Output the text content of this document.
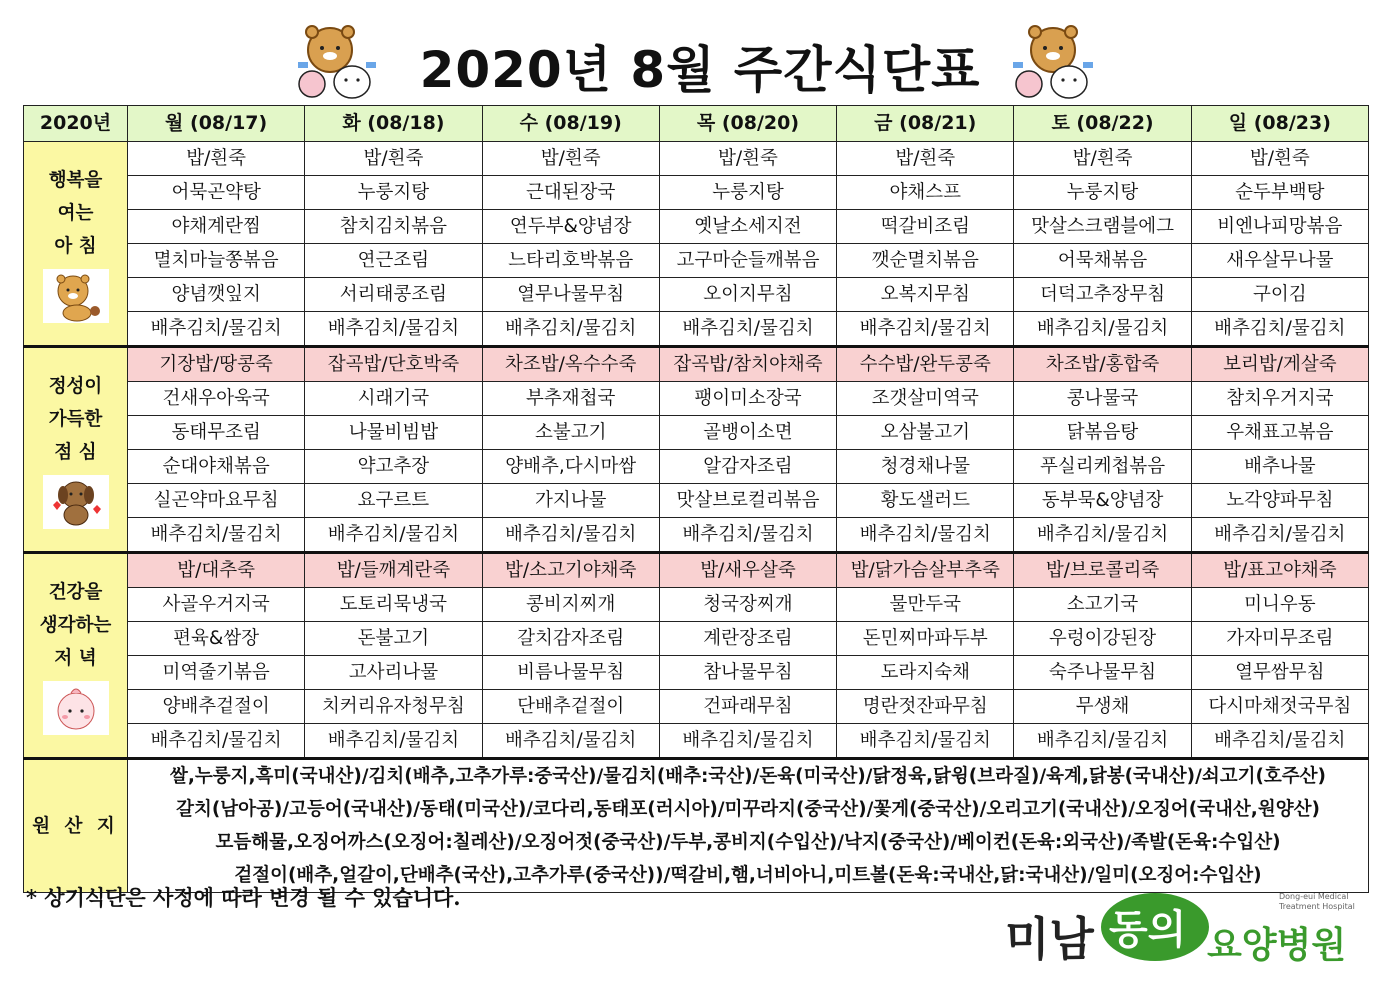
2020년 8월 주간식단표
2020년	월 (08/17)	화 (08/18)	수 (08/19)	목 (08/20)	금 (08/21)	토 (08/22)	일 (08/23)

행복을
여는
아 침	밥/흰죽	밥/흰죽	밥/흰죽	밥/흰죽	밥/흰죽	밥/흰죽	밥/흰죽
	어묵곤약탕	누룽지탕	근대된장국	누룽지탕	야채스프	누룽지탕	순두부백탕
	야채계란찜	참치김치볶음	연두부&양념장	옛날소세지전	떡갈비조림	맛살스크램블에그	비엔나피망볶음
	멸치마늘쫑볶음	연근조림	느타리호박볶음	고구마순들깨볶음	깻순멸치볶음	어묵채볶음	새우살무나물
	양념깻잎지	서리태콩조림	열무나물무침	오이지무침	오복지무침	더덕고추장무침	구이김
	배추김치/물김치	배추김치/물김치	배추김치/물김치	배추김치/물김치	배추김치/물김치	배추김치/물김치	배추김치/물김치

정성이
가득한
점 심	기장밥/땅콩죽	잡곡밥/단호박죽	차조밥/옥수수죽	잡곡밥/참치야채죽	수수밥/완두콩죽	차조밥/홍합죽	보리밥/게살죽
	건새우아욱국	시래기국	부추재첩국	팽이미소장국	조갯살미역국	콩나물국	참치우거지국
	동태무조림	나물비빔밥	소불고기	골뱅이소면	오삼불고기	닭볶음탕	우채표고볶음
	순대야채볶음	약고추장	양배추,다시마쌈	알감자조림	청경채나물	푸실리케첩볶음	배추나물
	실곤약마요무침	요구르트	가지나물	맛살브로컬리볶음	황도샐러드	동부묵&양념장	노각양파무침
	배추김치/물김치	배추김치/물김치	배추김치/물김치	배추김치/물김치	배추김치/물김치	배추김치/물김치	배추김치/물김치

건강을
생각하는
저 녁	밥/대추죽	밥/들깨계란죽	밥/소고기야채죽	밥/새우살죽	밥/닭가슴살부추죽	밥/브로콜리죽	밥/표고야채죽
	사골우거지국	도토리묵냉국	콩비지찌개	청국장찌개	물만두국	소고기국	미니우동
	편육&쌈장	돈불고기	갈치감자조림	계란장조림	돈민찌마파두부	우렁이강된장	가자미무조림
	미역줄기볶음	고사리나물	비름나물무침	참나물무침	도라지숙채	숙주나물무침	열무쌈무침
	양배추겉절이	치커리유자청무침	단배추겉절이	건파래무침	명란젓잔파무침	무생채	다시마채젓국무침
	배추김치/물김치	배추김치/물김치	배추김치/물김치	배추김치/물김치	배추김치/물김치	배추김치/물김치	배추김치/물김치
원 산 지	쌀,누룽지,흑미(국내산)/김치(배추,고추가루:중국산)/물김치(배추:국산)/돈육(미국산)/닭정육,닭윙(브라질)/육계,닭봉(국내산)/쇠고기(호주산)
갈치(남아공)/고등어(국내산)/동태(미국산)/코다리,동태포(러시아)/미꾸라지(중국산)/꽃게(중국산)/오리고기(국내산)/오징어(국내산,원양산)
모듬해물,오징어까스(오징어:칠레산)/오징어젓(중국산)/두부,콩비지(수입산)/낙지(중국산)/베이컨(돈육:외국산)/족발(돈육:수입산)
겉절이(배추,얼갈이,단배추(국산),고추가루(중국산))/떡갈비,햄,너비아니,미트볼(돈육:국내산,닭:국내산)/일미(오징어:수입산)						
* 상기식단은 사정에 따라 변경 될 수 있습니다.
미남 동의 요양병원
Dong-eui Medical
Treatment Hospital
